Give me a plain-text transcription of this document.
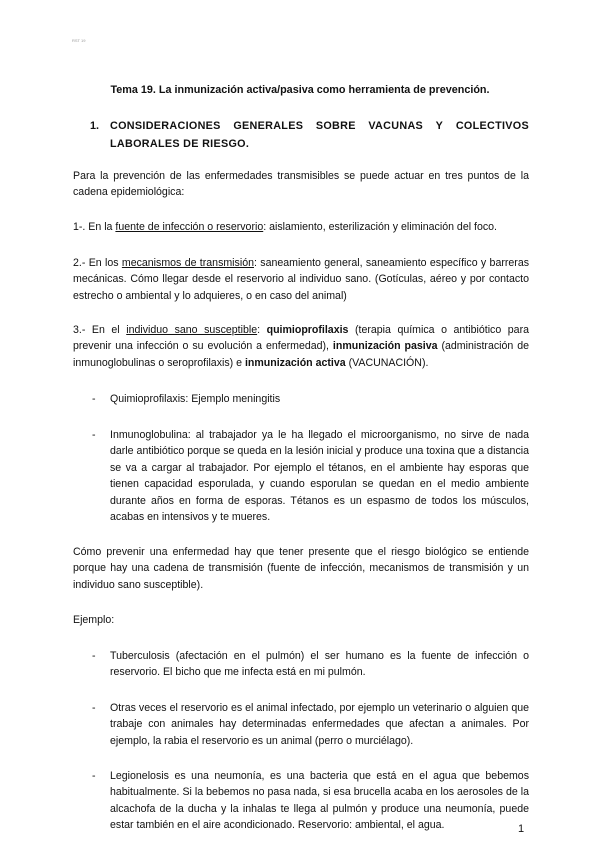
RST 19
Tema 19. La inmunización activa/pasiva como herramienta de prevención.
1. CONSIDERACIONES GENERALES SOBRE VACUNAS Y COLECTIVOS
LABORALES DE RIESGO.
Para la prevención de las enfermedades transmisibles se puede actuar en tres puntos de la cadena epidemiológica:
1-. En la fuente de infección o reservorio: aislamiento, esterilización y eliminación del foco.
2.- En los mecanismos de transmisión: saneamiento general, saneamiento específico y barreras mecánicas. Cómo llegar desde el reservorio al individuo sano. (Gotículas, aéreo y por contacto estrecho o ambiental y lo adquieres, o en caso del animal)
3.- En el individuo sano susceptible: quimioprofilaxis (terapia química o antibiótico para prevenir una infección o su evolución a enfermedad), inmunización pasiva (administración de inmunoglobulinas o seroprofilaxis) e inmunización activa (VACUNACIÓN).
- Quimioprofilaxis: Ejemplo meningitis
- Inmunoglobulina: al trabajador ya le ha llegado el microorganismo, no sirve de nada darle antibiótico porque se queda en la lesión inicial y produce una toxina que a distancia se va a cargar al trabajador. Por ejemplo el tétanos, en el ambiente hay esporas que tienen capacidad esporulada, y cuando esporulan se quedan en el medio ambiente durante años en forma de esporas. Tétanos es un espasmo de todos los músculos, acabas en intensivos y te mueres.
Cómo prevenir una enfermedad hay que tener presente que el riesgo biológico se entiende porque hay una cadena de transmisión (fuente de infección, mecanismos de transmisión y un individuo sano susceptible).
Ejemplo:
- Tuberculosis (afectación en el pulmón) el ser humano es la fuente de infección o reservorio. El bicho que me infecta está en mi pulmón.
- Otras veces el reservorio es el animal infectado, por ejemplo un veterinario o alguien que trabaje con animales hay determinadas enfermedades que afectan a animales. Por ejemplo, la rabia el reservorio es un animal (perro o murciélago).
- Legionelosis es una neumonía, es una bacteria que está en el agua que bebemos habitualmente. Si la bebemos no pasa nada, si esa brucella acaba en los aerosoles de la alcachofa de la ducha y la inhalas te llega al pulmón y produce una neumonía, puede estar también en el aire acondicionado. Reservorio: ambiental, el agua.	1
